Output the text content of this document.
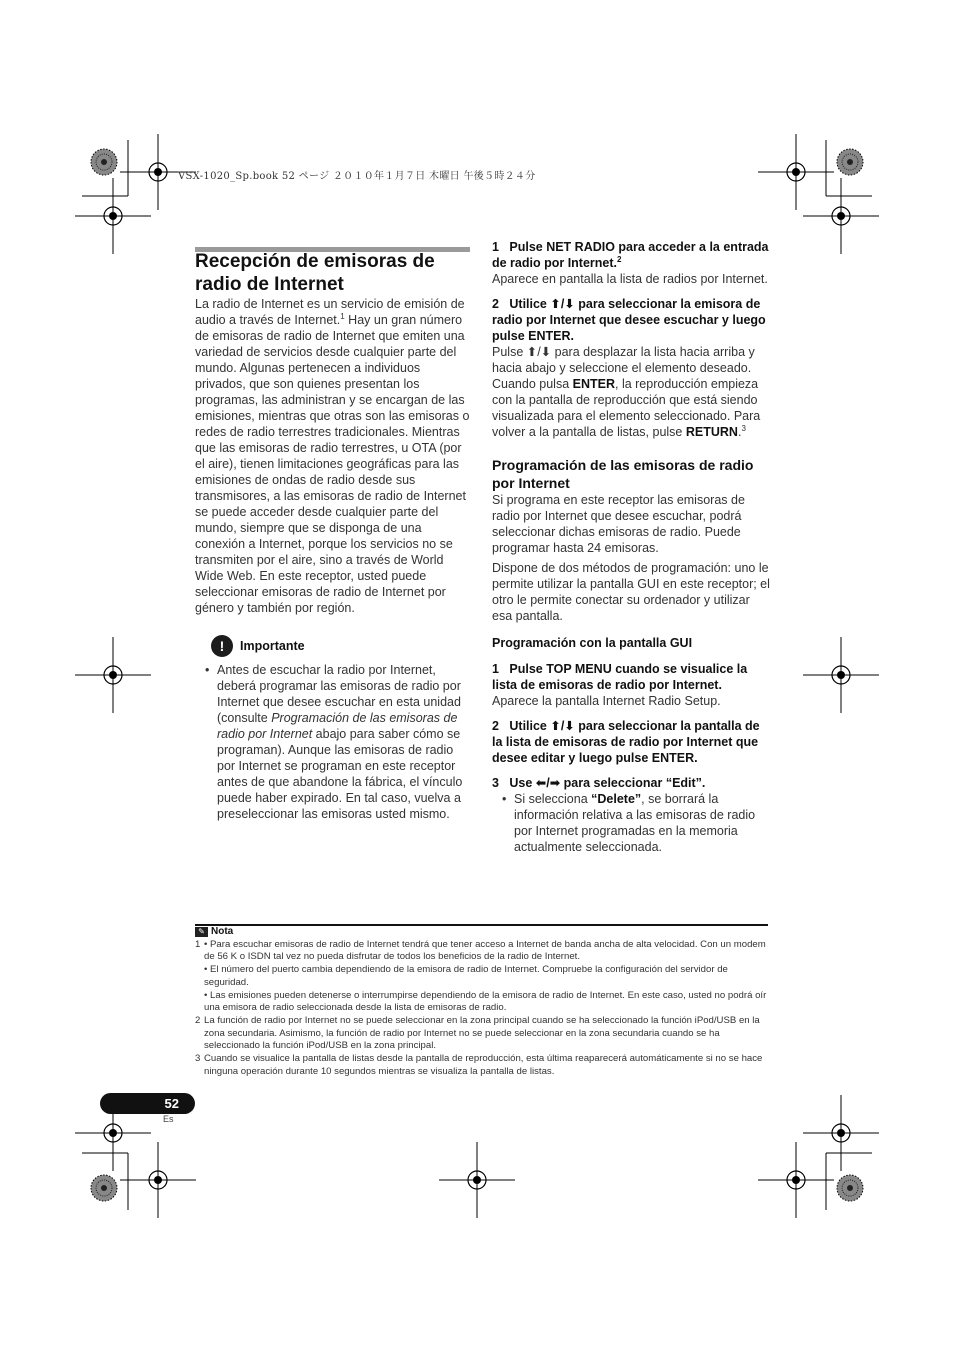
VSX-1020_Sp.book 52 ページ ２０１０年１月７日 木曜日 午後５時２４分
Recepción de emisoras de radio de Internet

La radio de Internet es un servicio de emisión de audio a través de Internet.$^1$ Hay un gran número de emisoras de radio de Internet que emiten una variedad de servicios desde cualquier parte del mundo. Algunas pertenecen a individuos privados, que son quienes presentan los programas, las administran y se encargan de las emisiones, mientras que otras son las emisoras o redes de radio terrestres tradicionales. Mientras que las emisoras de radio terrestres, u OTA (por el aire), tienen limitaciones geográficas para las emisiones de ondas de radio desde sus transmisores, a las emisoras de radio de Internet se puede acceder desde cualquier parte del mundo, siempre que se disponga de una conexión a Internet, porque los servicios no se transmiten por el aire, sino a través de World Wide Web. En este receptor, usted puede seleccionar emisoras de radio de Internet por género y también por región.

!	Importante

• Antes de escuchar la radio por Internet, deberá programar las emisoras de radio por Internet que desee escuchar en esta unidad (consulte Programación de las emisoras de radio por Internet abajo para saber cómo se programan). Aunque las emisoras de radio por Internet se programan en este receptor antes de que abandone la fábrica, el vínculo puede haber expirado. En tal caso, vuelva a preseleccionar las emisoras usted mismo.

1 Pulse NET RADIO para acceder a la entrada de radio por Internet.$^2$

Aparece en pantalla la lista de radios por Internet.

2 Utilice ⬆/⬇ para seleccionar la emisora de radio por Internet que desee escuchar y luego pulse ENTER.

Pulse ⬆/⬇ para desplazar la lista hacia arriba y hacia abajo y seleccione el elemento deseado. Cuando pulsa ENTER, la reproducción empieza con la pantalla de reproducción que está siendo visualizada para el elemento seleccionado. Para volver a la pantalla de listas, pulse RETURN.$^3$

Programación de las emisoras de radio por Internet

Si programa en este receptor las emisoras de radio por Internet que desee escuchar, podrá seleccionar dichas emisoras de radio. Puede programar hasta 24 emisoras.

Dispone de dos métodos de programación: uno le permite utilizar la pantalla GUI en este receptor; el otro le permite conectar su ordenador y utilizar esa pantalla.

Programación con la pantalla GUI

1 Pulse TOP MENU cuando se visualice la lista de emisoras de radio por Internet.

Aparece la pantalla Internet Radio Setup.

2 Utilice ⬆/⬇ para seleccionar la pantalla de la lista de emisoras de radio por Internet que desee editar y luego pulse ENTER.

3 Use ⬅/➡ para seleccionar “Edit”.

• Si selecciona “Delete”, se borrará la información relativa a las emisoras de radio por Internet programadas en la memoria actualmente seleccionada.

✎ Nota
1 • Para escuchar emisoras de radio de Internet tendrá que tener acceso a Internet de banda ancha de alta velocidad. Con un modem de 56 K o ISDN tal vez no pueda disfrutar de todos los beneficios de la radio de Internet.
• El número del puerto cambia dependiendo de la emisora de radio de Internet. Compruebe la configuración del servidor de seguridad.
• Las emisiones pueden detenerse o interrumpirse dependiendo de la emisora de radio de Internet. En este caso, usted no podrá oír una emisora de radio seleccionada desde la lista de emisoras de radio.
2 La función de radio por Internet no se puede seleccionar en la zona principal cuando se ha seleccionado la función iPod/USB en la zona secundaria. Asimismo, la función de radio por Internet no se puede seleccionar en la zona secundaria cuando se ha seleccionado la función iPod/USB en la zona principal.
3 Cuando se visualice la pantalla de listas desde la pantalla de reproducción, esta última reaparecerá automáticamente si no se hace ninguna operación durante 10 segundos mientras se visualiza la pantalla de listas.
52
Es
